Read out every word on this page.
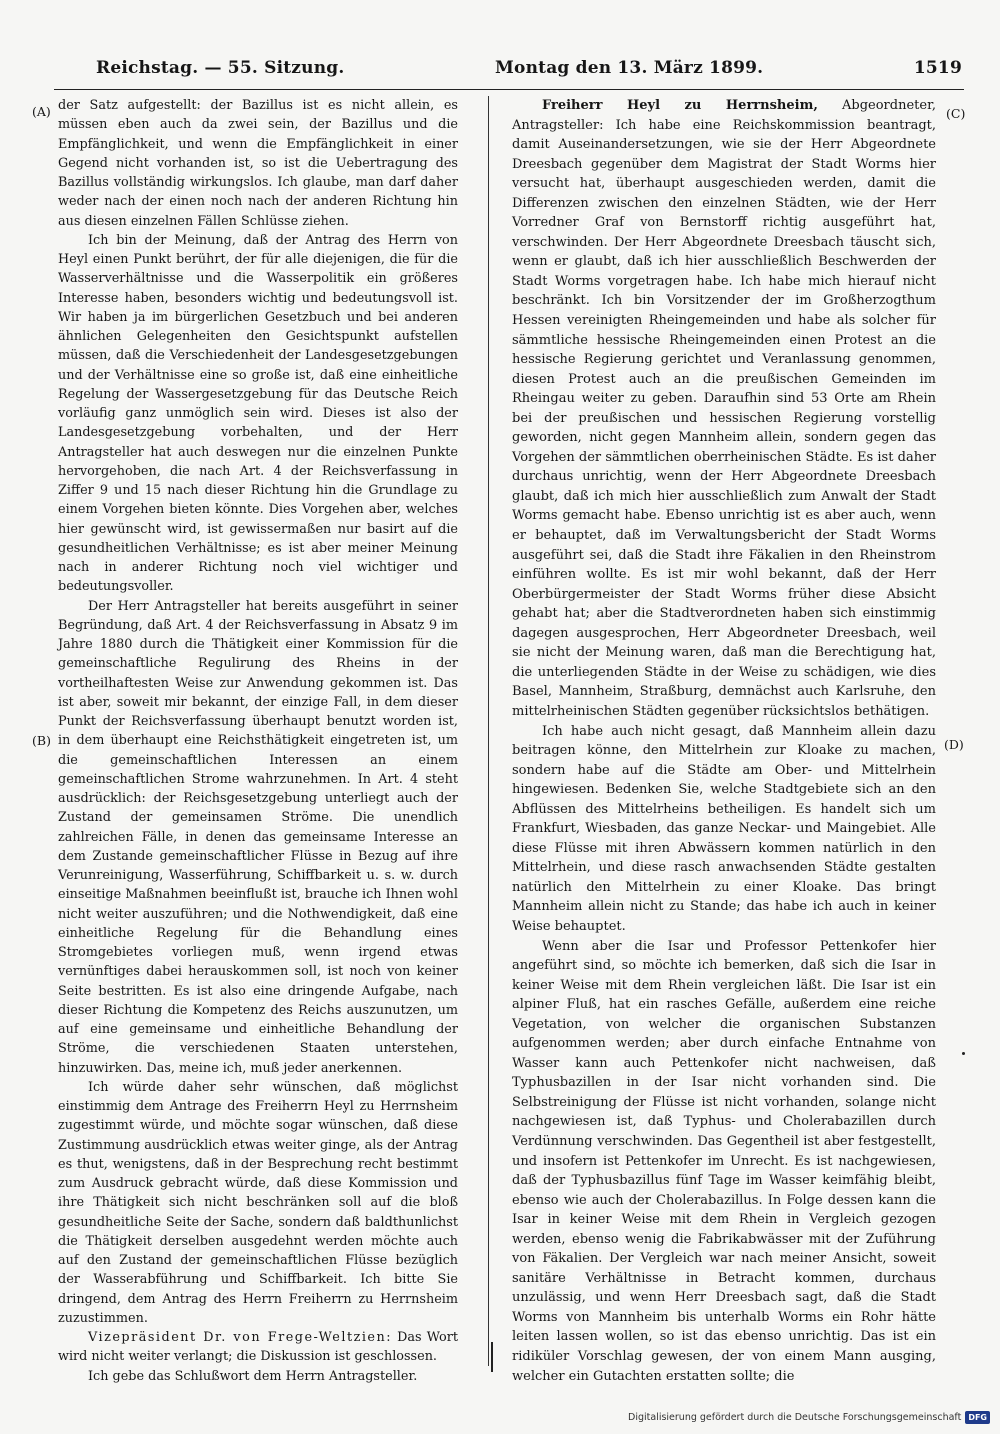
Reichstag. — 55. Sitzung.	Montag den 13. März 1899.	1519
(A)
(B)
(C)
(D)

der Satz aufgestellt: der Bazillus ist es nicht allein, es müssen eben auch da zwei sein, der Bazillus und die Empfänglichkeit, und wenn die Empfänglichkeit in einer Gegend nicht vorhanden ist, so ist die Uebertragung des Bazillus vollständig wirkungslos. Ich glaube, man darf daher weder nach der einen noch nach der anderen Richtung hin aus diesen einzelnen Fällen Schlüsse ziehen.

Ich bin der Meinung, daß der Antrag des Herrn von Heyl einen Punkt berührt, der für alle diejenigen, die für die Wasserverhältnisse und die Wasserpolitik ein größeres Interesse haben, besonders wichtig und bedeutungsvoll ist. Wir haben ja im bürgerlichen Gesetzbuch und bei anderen ähnlichen Gelegenheiten den Gesichtspunkt aufstellen müssen, daß die Verschiedenheit der Landesgesetzgebungen und der Verhältnisse eine so große ist, daß eine einheitliche Regelung der Wassergesetzgebung für das Deutsche Reich vorläufig ganz unmöglich sein wird. Dieses ist also der Landesgesetzgebung vorbehalten, und der Herr Antragsteller hat auch deswegen nur die einzelnen Punkte hervorgehoben, die nach Art. 4 der Reichsverfassung in Ziffer 9 und 15 nach dieser Richtung hin die Grundlage zu einem Vorgehen bieten könnte. Dies Vorgehen aber, welches hier gewünscht wird, ist gewissermaßen nur basirt auf die gesundheitlichen Verhältnisse; es ist aber meiner Meinung nach in anderer Richtung noch viel wichtiger und bedeutungsvoller.

Der Herr Antragsteller hat bereits ausgeführt in seiner Begründung, daß Art. 4 der Reichsverfassung in Absatz 9 im Jahre 1880 durch die Thätigkeit einer Kommission für die gemeinschaftliche Regulirung des Rheins in der vortheilhaftesten Weise zur Anwendung gekommen ist. Das ist aber, soweit mir bekannt, der einzige Fall, in dem dieser Punkt der Reichsverfassung überhaupt benutzt worden ist, in dem überhaupt eine Reichsthätigkeit eingetreten ist, um die gemeinschaftlichen Interessen an einem gemeinschaftlichen Strome wahrzunehmen. In Art. 4 steht ausdrücklich: der Reichsgesetzgebung unterliegt auch der Zustand der gemeinsamen Ströme. Die unendlich zahlreichen Fälle, in denen das gemeinsame Interesse an dem Zustande gemeinschaftlicher Flüsse in Bezug auf ihre Verunreinigung, Wasserführung, Schiffbarkeit u. s. w. durch einseitige Maßnahmen beeinflußt ist, brauche ich Ihnen wohl nicht weiter auszuführen; und die Nothwendigkeit, daß eine einheitliche Regelung für die Behandlung eines Stromgebietes vorliegen muß, wenn irgend etwas vernünftiges dabei herauskommen soll, ist noch von keiner Seite bestritten. Es ist also eine dringende Aufgabe, nach dieser Richtung die Kompetenz des Reichs auszunutzen, um auf eine gemeinsame und einheitliche Behandlung der Ströme, die verschiedenen Staaten unterstehen, hinzuwirken. Das, meine ich, muß jeder anerkennen.

Ich würde daher sehr wünschen, daß möglichst einstimmig dem Antrage des Freiherrn Heyl zu Herrnsheim zugestimmt würde, und möchte sogar wünschen, daß diese Zustimmung ausdrücklich etwas weiter ginge, als der Antrag es thut, wenigstens, daß in der Besprechung recht bestimmt zum Ausdruck gebracht würde, daß diese Kommission und ihre Thätigkeit sich nicht beschränken soll auf die bloß gesundheitliche Seite der Sache, sondern daß baldthunlichst die Thätigkeit derselben ausgedehnt werden möchte auch auf den Zustand der gemeinschaftlichen Flüsse bezüglich der Wasserabführung und Schiffbarkeit. Ich bitte Sie dringend, dem Antrag des Herrn Freiherrn zu Herrnsheim zuzustimmen.

Vizepräsident Dr. von Frege-Weltzien: Das Wort wird nicht weiter verlangt; die Diskussion ist geschlossen.

Ich gebe das Schlußwort dem Herrn Antragsteller.

Freiherr Heyl zu Herrnsheim, Abgeordneter, Antragsteller: Ich habe eine Reichskommission beantragt, damit Auseinandersetzungen, wie sie der Herr Abgeordnete Dreesbach gegenüber dem Magistrat der Stadt Worms hier versucht hat, überhaupt ausgeschieden werden, damit die Differenzen zwischen den einzelnen Städten, wie der Herr Vorredner Graf von Bernstorff richtig ausgeführt hat, verschwinden. Der Herr Abgeordnete Dreesbach täuscht sich, wenn er glaubt, daß ich hier ausschließlich Beschwerden der Stadt Worms vorgetragen habe. Ich habe mich hierauf nicht beschränkt. Ich bin Vorsitzender der im Großherzogthum Hessen vereinigten Rheingemeinden und habe als solcher für sämmtliche hessische Rheingemeinden einen Protest an die hessische Regierung gerichtet und Veranlassung genommen, diesen Protest auch an die preußischen Gemeinden im Rheingau weiter zu geben. Daraufhin sind 53 Orte am Rhein bei der preußischen und hessischen Regierung vorstellig geworden, nicht gegen Mannheim allein, sondern gegen das Vorgehen der sämmtlichen oberrheinischen Städte. Es ist daher durchaus unrichtig, wenn der Herr Abgeordnete Dreesbach glaubt, daß ich mich hier ausschließlich zum Anwalt der Stadt Worms gemacht habe. Ebenso unrichtig ist es aber auch, wenn er behauptet, daß im Verwaltungsbericht der Stadt Worms ausgeführt sei, daß die Stadt ihre Fäkalien in den Rheinstrom einführen wollte. Es ist mir wohl bekannt, daß der Herr Oberbürgermeister der Stadt Worms früher diese Absicht gehabt hat; aber die Stadtverordneten haben sich einstimmig dagegen ausgesprochen, Herr Abgeordneter Dreesbach, weil sie nicht der Meinung waren, daß man die Berechtigung hat, die unterliegenden Städte in der Weise zu schädigen, wie dies Basel, Mannheim, Straßburg, demnächst auch Karlsruhe, den mittelrheinischen Städten gegenüber rücksichtslos bethätigen.

Ich habe auch nicht gesagt, daß Mannheim allein dazu beitragen könne, den Mittelrhein zur Kloake zu machen, sondern habe auf die Städte am Ober- und Mittelrhein hingewiesen. Bedenken Sie, welche Stadtgebiete sich an den Abflüssen des Mittelrheins betheiligen. Es handelt sich um Frankfurt, Wiesbaden, das ganze Neckar- und Maingebiet. Alle diese Flüsse mit ihren Abwässern kommen natürlich in den Mittelrhein, und diese rasch anwachsenden Städte gestalten natürlich den Mittelrhein zu einer Kloake. Das bringt Mannheim allein nicht zu Stande; das habe ich auch in keiner Weise behauptet.

Wenn aber die Isar und Professor Pettenkofer hier angeführt sind, so möchte ich bemerken, daß sich die Isar in keiner Weise mit dem Rhein vergleichen läßt. Die Isar ist ein alpiner Fluß, hat ein rasches Gefälle, außerdem eine reiche Vegetation, von welcher die organischen Substanzen aufgenommen werden; aber durch einfache Entnahme von Wasser kann auch Pettenkofer nicht nachweisen, daß Typhusbazillen in der Isar nicht vorhanden sind. Die Selbstreinigung der Flüsse ist nicht vorhanden, solange nicht nachgewiesen ist, daß Typhus- und Cholerabazillen durch Verdünnung verschwinden. Das Gegentheil ist aber festgestellt, und insofern ist Pettenkofer im Unrecht. Es ist nachgewiesen, daß der Typhusbazillus fünf Tage im Wasser keimfähig bleibt, ebenso wie auch der Cholerabazillus. In Folge dessen kann die Isar in keiner Weise mit dem Rhein in Vergleich gezogen werden, ebenso wenig die Fabrikabwässer mit der Zuführung von Fäkalien. Der Vergleich war nach meiner Ansicht, soweit sanitäre Verhältnisse in Betracht kommen, durchaus unzulässig, und wenn Herr Dreesbach sagt, daß die Stadt Worms von Mannheim bis unterhalb Worms ein Rohr hätte leiten lassen wollen, so ist das ebenso unrichtig. Das ist ein ridiküler Vorschlag gewesen, der von einem Mann ausging, welcher ein Gutachten erstatten sollte; die

Digitalisierung gefördert durch die Deutsche Forschungsgemeinschaft DFG
